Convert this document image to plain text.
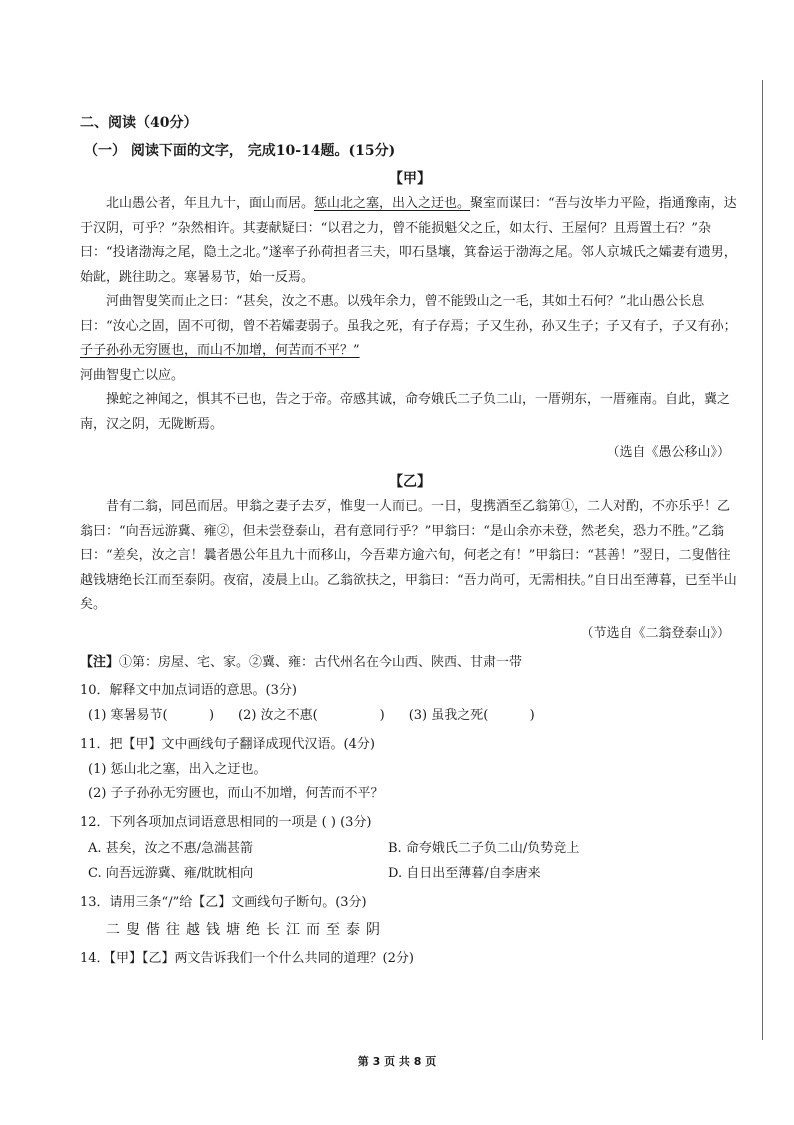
二、阅读（40分）
（一） 阅读下面的文字， 完成10-14题。(15分)
【甲】

北山愚公者，年且九十，面山而居。惩山北之塞，出入之迂也。聚室而谋曰：“吾与汝毕力平险，指通豫南，达于汉阴，可乎？”杂然相许。其妻献疑曰：“以君之力，曾不能损魁父之丘，如太行、王屋何？且焉置土石？”杂曰：“投诸渤海之尾，隐土之北。”遂率子孙荷担者三夫，叩石垦壤，箕畚运于渤海之尾。邻人京城氏之孀妻有遗男，始龀，跳往助之。寒暑易节，始一反焉。

河曲智叟笑而止之曰：“甚矣，汝之不惠。以残年余力，曾不能毁山之一毛，其如土石何？”北山愚公长息曰：“汝心之固，固不可彻，曾不若孀妻弱子。虽我之死，有子存焉；子又生孙，孙又生子；子又有子，子又有孙；子子孙孙无穷匮也，而山不加增，何苦而不平？”

河曲智叟亡以应。

操蛇之神闻之，惧其不已也，告之于帝。帝感其诚，命夸娥氏二子负二山，一厝朔东，一厝雍南。自此，冀之南，汉之阴，无陇断焉。

（选自《愚公移山》）
【乙】

昔有二翁，同邑而居。甲翁之妻子去歹，惟叟一人而已。一日，叟携酒至乙翁第①，二人对酌，不亦乐乎！乙翁曰：“向吾远游冀、雍②，但未尝登泰山，君有意同行乎？”甲翁曰：“是山余亦未登，然老矣，恐力不胜。”乙翁曰：“差矣，汝之言！曩者愚公年且九十而移山，今吾辈方逾六旬，何老之有！”甲翁曰：“甚善！”翌日，二叟偕往越钱塘绝长江而至泰阴。夜宿，凌晨上山。乙翁欲扶之，甲翁曰：“吾力尚可，无需相扶。”自日出至薄暮，已至半山矣。

（节选自《二翁登泰山》）
【注】①第：房屋、宅、家。②冀、雍：古代州名在今山西、陕西、甘肃一带
10．解释文中加点词语的意思。(3分)
(1) 寒暑易节(          ) (2) 汝之不惠(               ) (3) 虽我之死(          )
11．把【甲】文中画线句子翻译成现代汉语。(4分)
(1) 惩山北之塞，出入之迂也。
(2) 子子孙孙无穷匮也，而山不加增，何苦而不平？
12．下列各项加点词语意思相同的一项是 ( ) (3分)
A. 甚矣，汝之不惠/急湍甚箭	B. 命夸娥氏二子负二山/负势竞上
C. 向吾远游冀、雍/眈眈相向	D. 自日出至薄暮/自李唐来
13．请用三条“/”给【乙】文画线句子断句。(3分)
二叟偕往越钱塘绝长江而至泰阴
14．【甲】【乙】两文告诉我们一个什么共同的道理？(2分)
第 3 页 共 8 页
